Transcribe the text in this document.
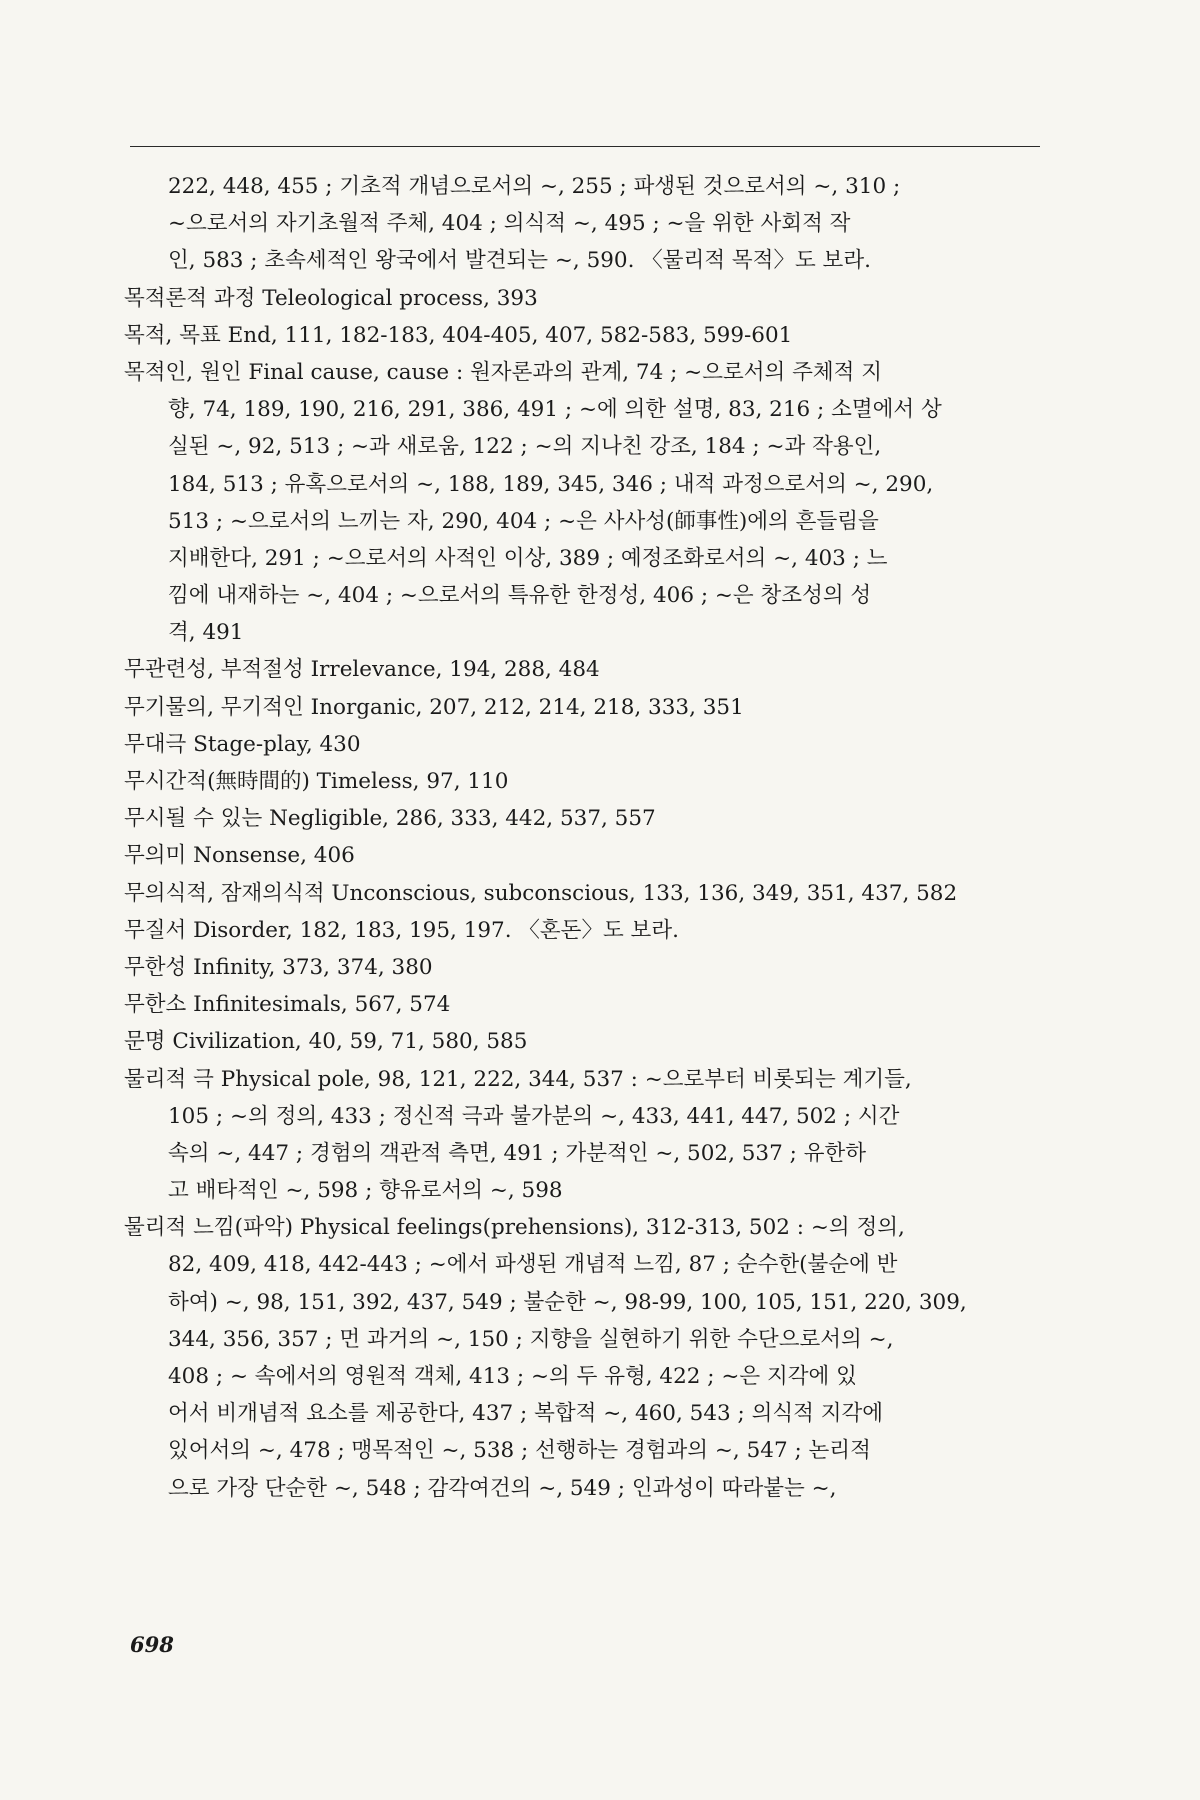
222, 448, 455 ; 기초적 개념으로서의 ~, 255 ; 파생된 것으로서의 ~, 310 ;
~으로서의 자기초월적 주체, 404 ; 의식적 ~, 495 ; ~을 위한 사회적 작
인, 583 ; 초속세적인 왕국에서 발견되는 ~, 590. 〈물리적 목적〉도 보라.
목적론적 과정 Teleological process, 393
목적, 목표 End, 111, 182-183, 404-405, 407, 582-583, 599-601
목적인, 원인 Final cause, cause : 원자론과의 관계, 74 ; ~으로서의 주체적 지
향, 74, 189, 190, 216, 291, 386, 491 ; ~에 의한 설명, 83, 216 ; 소멸에서 상
실된 ~, 92, 513 ; ~과 새로움, 122 ; ~의 지나친 강조, 184 ; ~과 작용인,
184, 513 ; 유혹으로서의 ~, 188, 189, 345, 346 ; 내적 과정으로서의 ~, 290,
513 ; ~으로서의 느끼는 자, 290, 404 ; ~은 사사성(師事性)에의 흔들림을
지배한다, 291 ; ~으로서의 사적인 이상, 389 ; 예정조화로서의 ~, 403 ; 느
낌에 내재하는 ~, 404 ; ~으로서의 특유한 한정성, 406 ; ~은 창조성의 성
격, 491
무관련성, 부적절성 Irrelevance, 194, 288, 484
무기물의, 무기적인 Inorganic, 207, 212, 214, 218, 333, 351
무대극 Stage-play, 430
무시간적(無時間的) Timeless, 97, 110
무시될 수 있는 Negligible, 286, 333, 442, 537, 557
무의미 Nonsense, 406
무의식적, 잠재의식적 Unconscious, subconscious, 133, 136, 349, 351, 437, 582
무질서 Disorder, 182, 183, 195, 197. 〈혼돈〉도 보라.
무한성 Infinity, 373, 374, 380
무한소 Infinitesimals, 567, 574
문명 Civilization, 40, 59, 71, 580, 585
물리적 극 Physical pole, 98, 121, 222, 344, 537 : ~으로부터 비롯되는 계기들,
105 ; ~의 정의, 433 ; 정신적 극과 불가분의 ~, 433, 441, 447, 502 ; 시간
속의 ~, 447 ; 경험의 객관적 측면, 491 ; 가분적인 ~, 502, 537 ; 유한하
고 배타적인 ~, 598 ; 향유로서의 ~, 598
물리적 느낌(파악) Physical feelings(prehensions), 312-313, 502 : ~의 정의,
82, 409, 418, 442-443 ; ~에서 파생된 개념적 느낌, 87 ; 순수한(불순에 반
하여) ~, 98, 151, 392, 437, 549 ; 불순한 ~, 98-99, 100, 105, 151, 220, 309,
344, 356, 357 ; 먼 과거의 ~, 150 ; 지향을 실현하기 위한 수단으로서의 ~,
408 ; ~ 속에서의 영원적 객체, 413 ; ~의 두 유형, 422 ; ~은 지각에 있
어서 비개념적 요소를 제공한다, 437 ; 복합적 ~, 460, 543 ; 의식적 지각에
있어서의 ~, 478 ; 맹목적인 ~, 538 ; 선행하는 경험과의 ~, 547 ; 논리적
으로 가장 단순한 ~, 548 ; 감각여건의 ~, 549 ; 인과성이 따라붙는 ~,
698
